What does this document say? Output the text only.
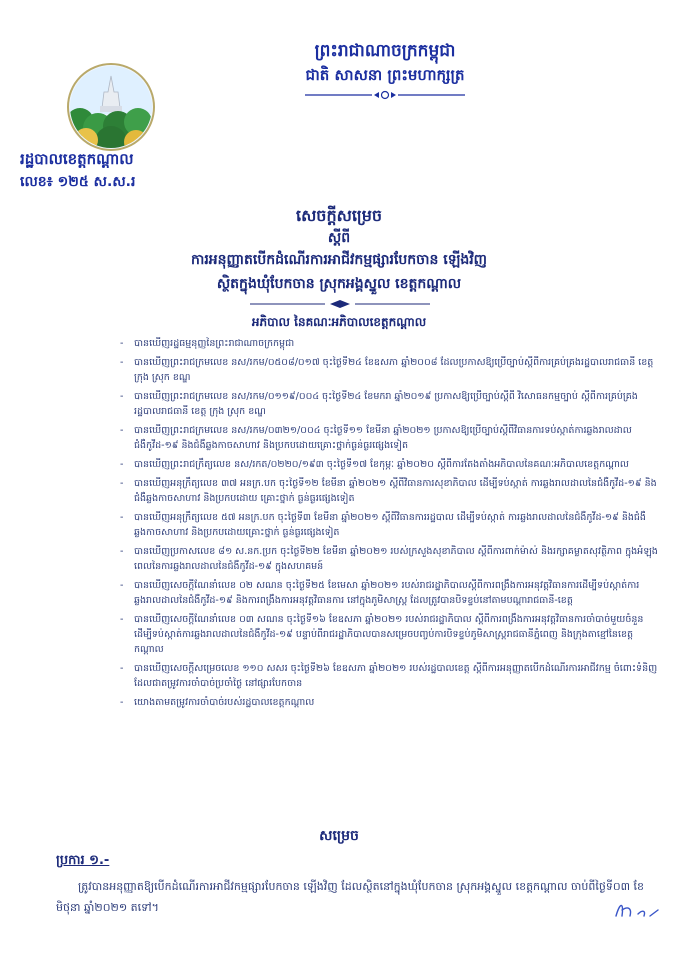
ព្រះរាជាណាចក្រកម្ពុជា
ជាតិ សាសនា ព្រះមហាក្សត្រ
រដ្ឋបាលខេត្តកណ្ដាល
លេខ៖ ១២៥ ស.ស.រ
សេចក្ដីសម្រេច
ស្ដីពី
ការអនុញ្ញាតបើកដំណើរការអាជីវកម្មផ្សារបែកចាន ឡើងវិញ
ស្ថិតក្នុងឃុំបែកចាន ស្រុកអង្គស្នួល ខេត្តកណ្ដាល
អភិបាល នៃគណៈអភិបាលខេត្តកណ្ដាល
- បានឃើញរដ្ឋធម្មនុញ្ញនៃព្រះរាជាណាចក្រកម្ពុជា
- បានឃើញព្រះរាជក្រមលេខ នស/រកម/០៥០៨/០១៧ ចុះថ្ងៃទី២៤ ខែឧសភា ឆ្នាំ២០០៨ ដែលប្រកាសឱ្យប្រើច្បាប់ស្ដីពីការគ្រប់គ្រងរដ្ឋបាលរាជធានី ខេត្ត ក្រុង ស្រុក ខណ្ឌ
- បានឃើញព្រះរាជក្រមលេខ នស/រកម/០១១៩/០០៤ ចុះថ្ងៃទី២៤ ខែមករា ឆ្នាំ២០១៩ ប្រកាសឱ្យប្រើច្បាប់ស្ដីពី វិសោធនកម្មច្បាប់ ស្ដីពីការគ្រប់គ្រងរដ្ឋបាលរាជធានី ខេត្ត ក្រុង ស្រុក ខណ្ឌ
- បានឃើញព្រះរាជក្រមលេខ នស/រកម/០៣២១/០០៤ ចុះថ្ងៃទី១១ ខែមីនា ឆ្នាំ២០២១ ប្រកាសឱ្យប្រើច្បាប់ស្ដីពីវិធានការទប់ស្កាត់ការឆ្លងរាលដាលជំងឺកូវីដ-១៩ និងជំងឺឆ្លងកាចសាហាវ និងប្រកបដោយគ្រោះថ្នាក់ធ្ងន់ធ្ងរផ្សេងទៀត
- បានឃើញព្រះរាជក្រឹត្យលេខ នស/រកត/០២២០/១៩៣ ចុះថ្ងៃទី១៧ ខែកុម្ភៈ ឆ្នាំ២០២០ ស្ដីពីការតែងតាំងអភិបាលនៃគណៈអភិបាលខេត្តកណ្ដាល
- បានឃើញអនុក្រឹត្យលេខ ៣៧ អនក្រ.បក ចុះថ្ងៃទី១២ ខែមីនា ឆ្នាំ២០២១ ស្ដីពីវិធានការសុខាភិបាល ដើម្បីទប់ស្កាត់ ការឆ្លងរាលដាលនៃជំងឺកូវីដ-១៩ និងជំងឺឆ្លងកាចសាហាវ និងប្រកបដោយ គ្រោះថ្នាក់ ធ្ងន់ធ្ងរផ្សេងទៀត
- បានឃើញអនុក្រឹត្យលេខ ៥៧ អនក្រ.បក ចុះថ្ងៃទី៣ ខែមីនា ឆ្នាំ២០២១ ស្ដីពីវិធានការរដ្ឋបាល ដើម្បីទប់ស្កាត់ ការឆ្លងរាលដាលនៃជំងឺកូវីដ-១៩ និងជំងឺឆ្លងកាចសាហាវ និងប្រកបដោយគ្រោះថ្នាក់ ធ្ងន់ធ្ងរផ្សេងទៀត
- បានឃើញប្រកាសលេខ ៨១ ស.នក.ប្រក ចុះថ្ងៃទី២២ ខែមីនា ឆ្នាំ២០២១ របស់ក្រសួងសុខាភិបាល ស្ដីពីការពាក់ម៉ាស់ និងរក្សាគម្លាតសុវត្ថិភាព ក្នុងអំឡុងពេលនៃការឆ្លងរាលដាលនៃជំងឺកូវីដ-១៩ ក្នុងសហគមន៍
- បានឃើញសេចក្ដីណែនាំលេខ ០២ សណន ចុះថ្ងៃទី២៥ ខែមេសា ឆ្នាំ២០២១ របស់រាជរដ្ឋាភិបាលស្ដីពីការពង្រឹងការអនុវត្តវិធានការដើម្បីទប់ស្កាត់ការឆ្លងរាលដាលនៃជំងឺកូវីដ-១៩ និងការពង្រឹងការអនុវត្តវិធានការ នៅក្នុងភូមិសាស្ត្រ ដែលត្រូវបានបិទខ្ទប់នៅតាមបណ្ដារាជធានី-ខេត្ត
- បានឃើញសេចក្ដីណែនាំលេខ ០៣ សណន ចុះថ្ងៃទី១៦ ខែឧសភា ឆ្នាំ២០២១ របស់រាជរដ្ឋាភិបាល ស្ដីពីការពង្រឹងការអនុវត្តវិធានការចាំបាច់មួយចំនួន ដើម្បីទប់ស្កាត់ការឆ្លងរាលដាលនៃជំងឺកូវីដ-១៩ បន្ទាប់ពីរាជរដ្ឋាភិបាលបានសម្រេចបញ្ចប់ការបិទខ្ទប់ភូមិសាស្ត្ររាជធានីភ្នំពេញ និងក្រុងតាខ្មៅនៃខេត្តកណ្ដាល
- បានឃើញសេចក្ដីសម្រេចលេខ ១១០ សសរ ចុះថ្ងៃទី២៦ ខែឧសភា ឆ្នាំ២០២១ របស់រដ្ឋបាលខេត្ត ស្ដីពីការអនុញ្ញាតបើកដំណើរការអាជីវកម្ម ចំពោះទំនិញដែលជាតម្រូវការចាំបាច់ប្រចាំថ្ងៃ នៅផ្សារបែកចាន
- យោងតាមតម្រូវការចាំបាច់របស់រដ្ឋបាលខេត្តកណ្ដាល
សម្រេច
ប្រការ ១.-
ត្រូវបានអនុញ្ញាតឱ្យបើកដំណើរការអាជីវកម្មផ្សារបែកចាន ឡើងវិញ ដែលស្ថិតនៅក្នុងឃុំបែកចាន ស្រុកអង្គស្នួល ខេត្តកណ្ដាល ចាប់ពីថ្ងៃទី០៣ ខែមិថុនា ឆ្នាំ២០២១ តទៅ។
